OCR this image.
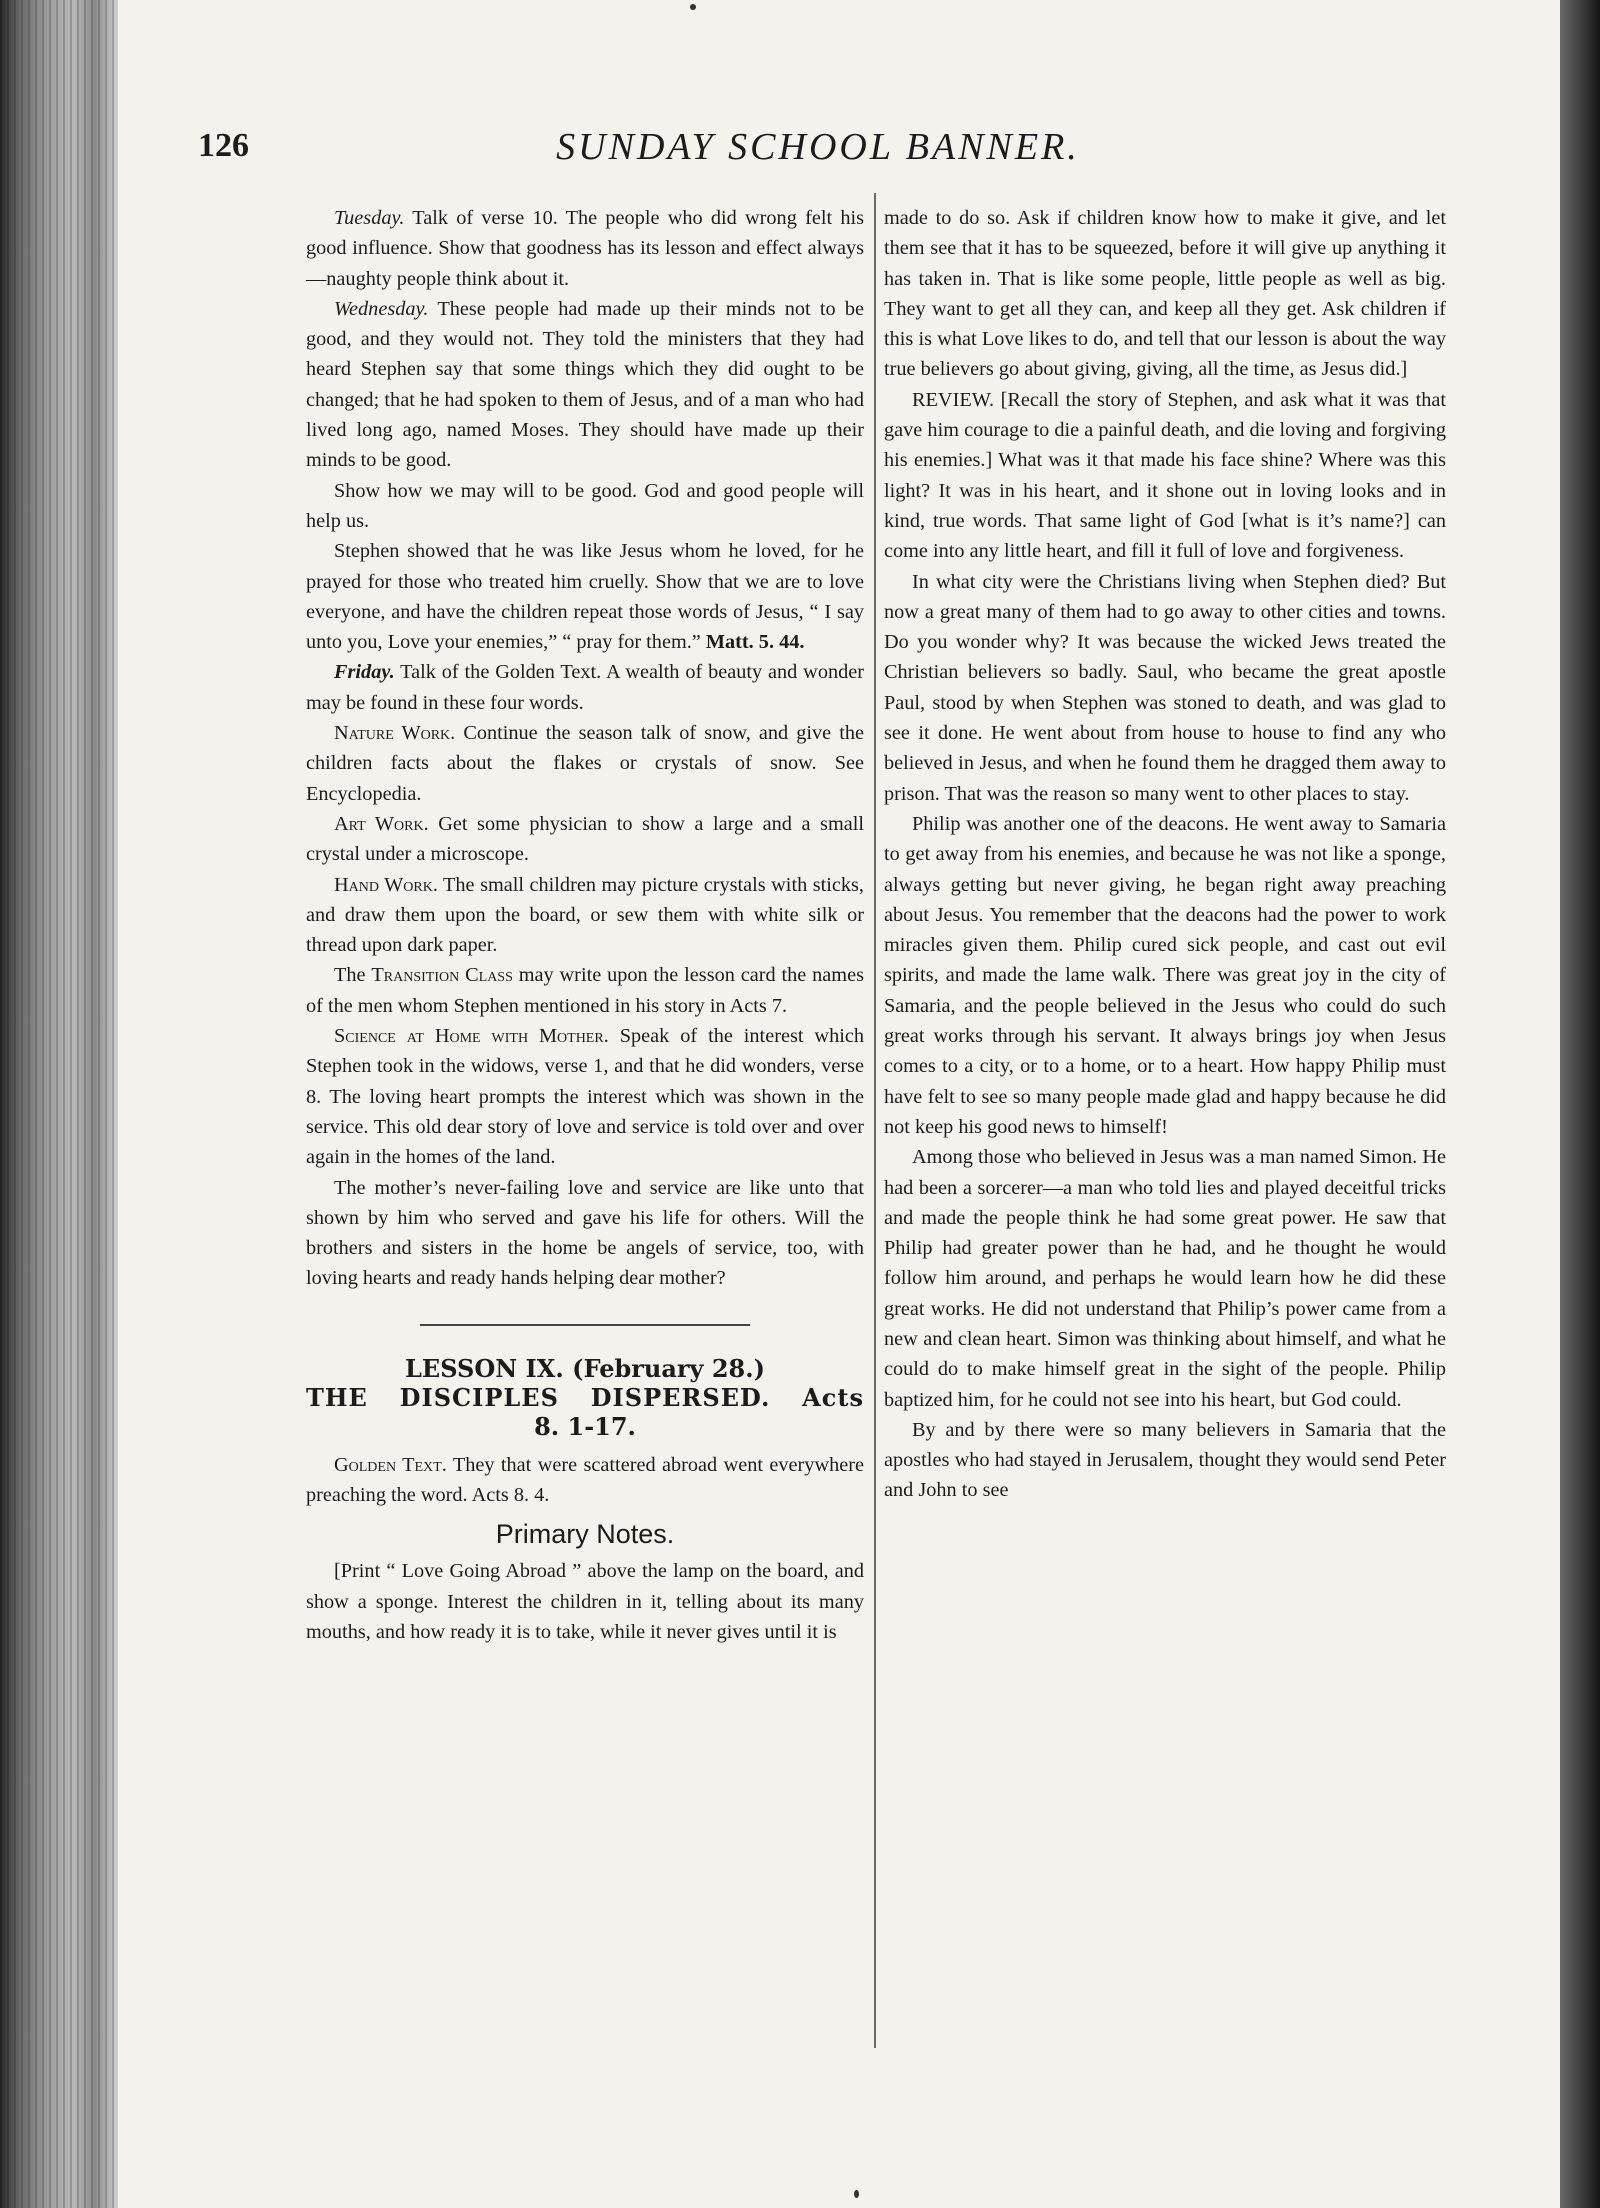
126	SUNDAY SCHOOL BANNER.

Tuesday. Talk of verse 10. The people who did wrong felt his good influence. Show that goodness has its lesson and effect always—naughty people think about it.

Wednesday. These people had made up their minds not to be good, and they would not. They told the ministers that they had heard Stephen say that some things which they did ought to be changed; that he had spoken to them of Jesus, and of a man who had lived long ago, named Moses. They should have made up their minds to be good.

Show how we may will to be good. God and good people will help us.

Stephen showed that he was like Jesus whom he loved, for he prayed for those who treated him cruelly. Show that we are to love everyone, and have the children repeat those words of Jesus, “ I say unto you, Love your enemies,” “ pray for them.” Matt. 5. 44.

Friday. Talk of the Golden Text. A wealth of beauty and wonder may be found in these four words.

Nature Work. Continue the season talk of snow, and give the children facts about the flakes or crystals of snow. See Encyclopedia.

Art Work. Get some physician to show a large and a small crystal under a microscope.

Hand Work. The small children may picture crystals with sticks, and draw them upon the board, or sew them with white silk or thread upon dark paper.

The Transition Class may write upon the lesson card the names of the men whom Stephen mentioned in his story in Acts 7.

Science at Home with Mother. Speak of the interest which Stephen took in the widows, verse 1, and that he did wonders, verse 8. The loving heart prompts the interest which was shown in the service. This old dear story of love and service is told over and over again in the homes of the land.

The mother’s never-failing love and service are like unto that shown by him who served and gave his life for others. Will the brothers and sisters in the home be angels of service, too, with loving hearts and ready hands helping dear mother?

LESSON IX. (February 28.)
THE DISCIPLES DISPERSED. Acts
8. 1-17.

Golden Text. They that were scattered abroad went everywhere preaching the word. Acts 8. 4.

Primary Notes.

[Print “ Love Going Abroad ” above the lamp on the board, and show a sponge. Interest the children in it, telling about its many mouths, and how ready it is to take, while it never gives until it is

made to do so. Ask if children know how to make it give, and let them see that it has to be squeezed, before it will give up anything it has taken in. That is like some people, little people as well as big. They want to get all they can, and keep all they get. Ask children if this is what Love likes to do, and tell that our lesson is about the way true believers go about giving, giving, all the time, as Jesus did.]

REVIEW. [Recall the story of Stephen, and ask what it was that gave him courage to die a painful death, and die loving and forgiving his enemies.] What was it that made his face shine? Where was this light? It was in his heart, and it shone out in loving looks and in kind, true words. That same light of God [what is it’s name?] can come into any little heart, and fill it full of love and forgiveness.

In what city were the Christians living when Stephen died? But now a great many of them had to go away to other cities and towns. Do you wonder why? It was because the wicked Jews treated the Christian believers so badly. Saul, who became the great apostle Paul, stood by when Stephen was stoned to death, and was glad to see it done. He went about from house to house to find any who believed in Jesus, and when he found them he dragged them away to prison. That was the reason so many went to other places to stay.

Philip was another one of the deacons. He went away to Samaria to get away from his enemies, and because he was not like a sponge, always getting but never giving, he began right away preaching about Jesus. You remember that the deacons had the power to work miracles given them. Philip cured sick people, and cast out evil spirits, and made the lame walk. There was great joy in the city of Samaria, and the people believed in the Jesus who could do such great works through his servant. It always brings joy when Jesus comes to a city, or to a home, or to a heart. How happy Philip must have felt to see so many people made glad and happy because he did not keep his good news to himself!

Among those who believed in Jesus was a man named Simon. He had been a sorcerer—a man who told lies and played deceitful tricks and made the people think he had some great power. He saw that Philip had greater power than he had, and he thought he would follow him around, and perhaps he would learn how he did these great works. He did not understand that Philip’s power came from a new and clean heart. Simon was thinking about himself, and what he could do to make himself great in the sight of the people. Philip baptized him, for he could not see into his heart, but God could.

By and by there were so many believers in Samaria that the apostles who had stayed in Jerusalem, thought they would send Peter and John to see
